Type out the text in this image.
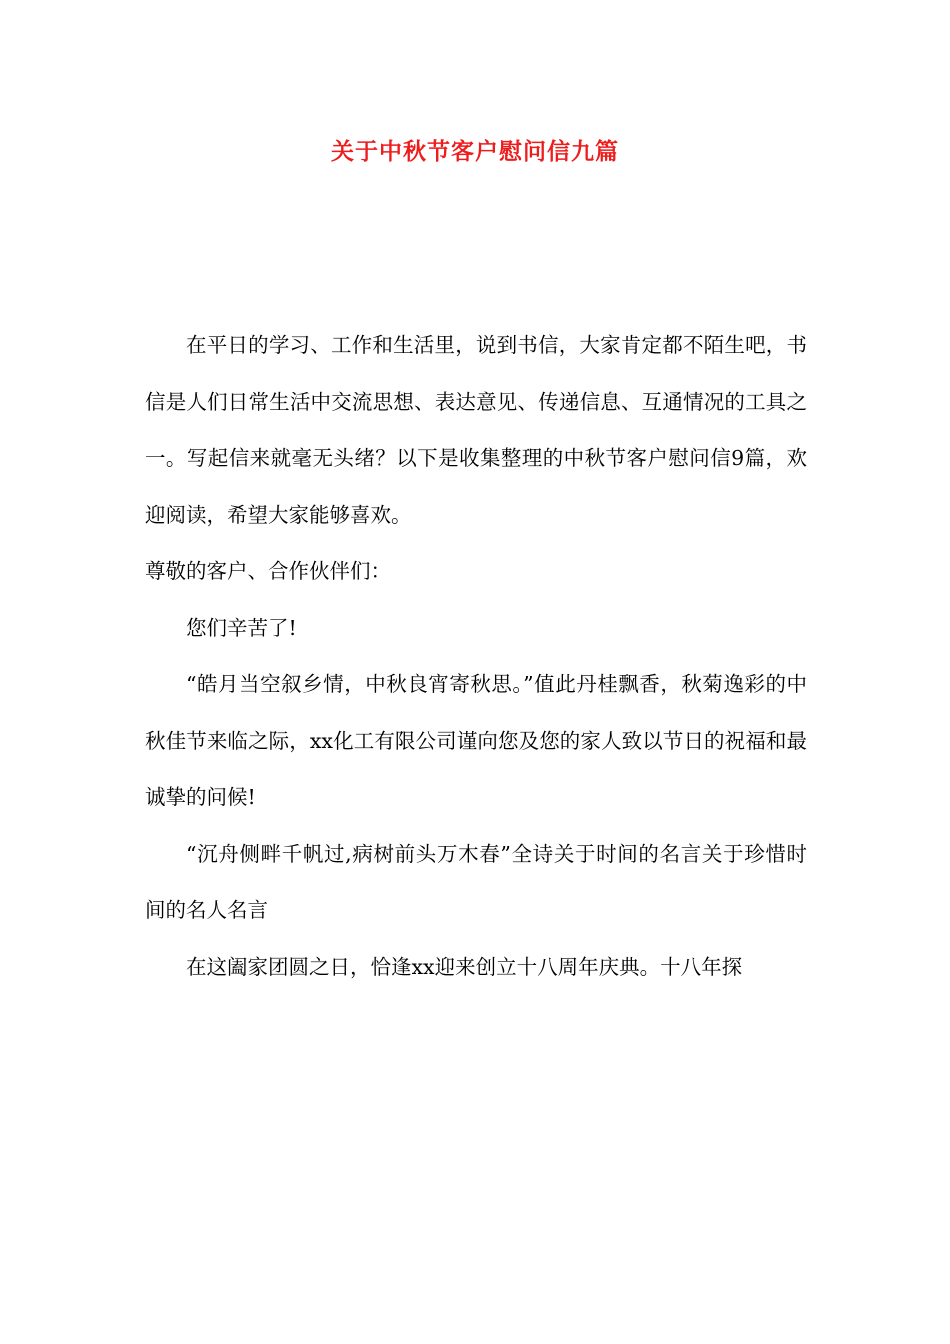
关于中秋节客户慰问信九篇

在平日的学习、工作和生活里，说到书信，大家肯定都不陌生吧，书信是人们日常生活中交流思想、表达意见、传递信息、互通情况的工具之一。写起信来就毫无头绪？以下是收集整理的中秋节客户慰问信9篇，欢迎阅读，希望大家能够喜欢。

尊敬的客户、合作伙伴们：

您们辛苦了!

“皓月当空叙乡情，中秋良宵寄秋思。”值此丹桂飘香，秋菊逸彩的中秋佳节来临之际，xx化工有限公司谨向您及您的家人致以节日的祝福和最诚挚的问候!

“沉舟侧畔千帆过,病树前头万木春”全诗关于时间的名言关于珍惜时间的名人名言

在这阖家团圆之日，恰逢xx迎来创立十八周年庆典。十八年探
